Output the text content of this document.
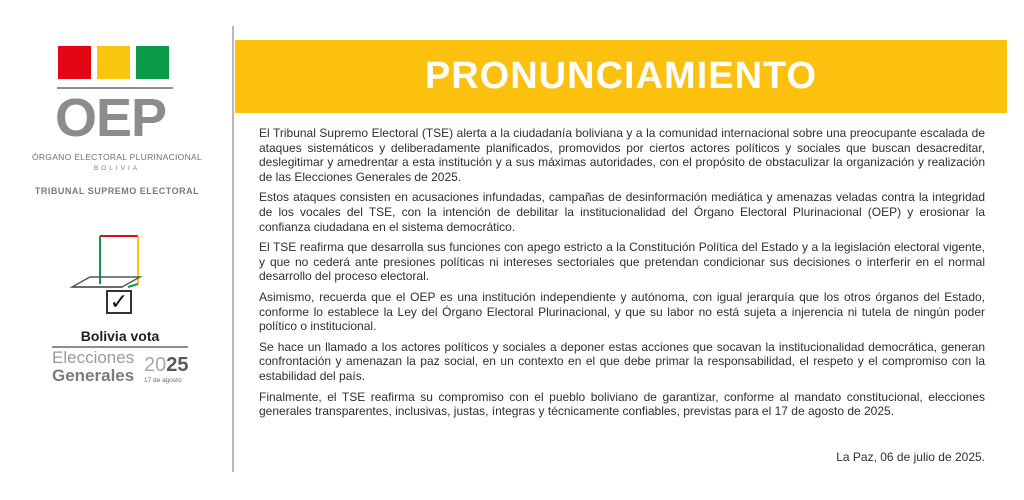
OEP
ÓRGANO ELECTORAL PLURINACIONAL
BOLIVIA
TRIBUNAL SUPREMO ELECTORAL
✓
Bolivia vota
Elecciones
Generales 2025
17 de agosto
PRONUNCIAMIENTO

El Tribunal Supremo Electoral (TSE) alerta a la ciudadanía boliviana y a la comunidad internacional sobre una preocupante escalada de ataques sistemáticos y deliberadamente planificados, promovidos por ciertos actores políticos y sociales que buscan desacreditar, deslegitimar y amedrentar a esta institución y a sus máximas autoridades, con el propósito de obstaculizar la organización y realización de las Elecciones Generales de 2025.

Estos ataques consisten en acusaciones infundadas, campañas de desinformación mediática y amenazas veladas contra la integridad de los vocales del TSE, con la intención de debilitar la institucionalidad del Órgano Electoral Plurinacional (OEP) y erosionar la confianza ciudadana en el sistema democrático.

El TSE reafirma que desarrolla sus funciones con apego estricto a la Constitución Política del Estado y a la legislación electoral vigente, y que no cederá ante presiones políticas ni intereses sectoriales que pretendan condicionar sus decisiones o interferir en el normal desarrollo del proceso electoral.

Asimismo, recuerda que el OEP es una institución independiente y autónoma, con igual jerarquía que los otros órganos del Estado, conforme lo establece la Ley del Órgano Electoral Plurinacional, y que su labor no está sujeta a injerencia ni tutela de ningún poder político o institucional.

Se hace un llamado a los actores políticos y sociales a deponer estas acciones que socavan la institucionalidad democrática, generan confrontación y amenazan la paz social, en un contexto en el que debe primar la responsabilidad, el respeto y el compromiso con la estabilidad del país.

Finalmente, el TSE reafirma su compromiso con el pueblo boliviano de garantizar, conforme al mandato constitucional, elecciones generales transparentes, inclusivas, justas, íntegras y técnicamente confiables, previstas para el 17 de agosto de 2025.

La Paz, 06 de julio de 2025.
